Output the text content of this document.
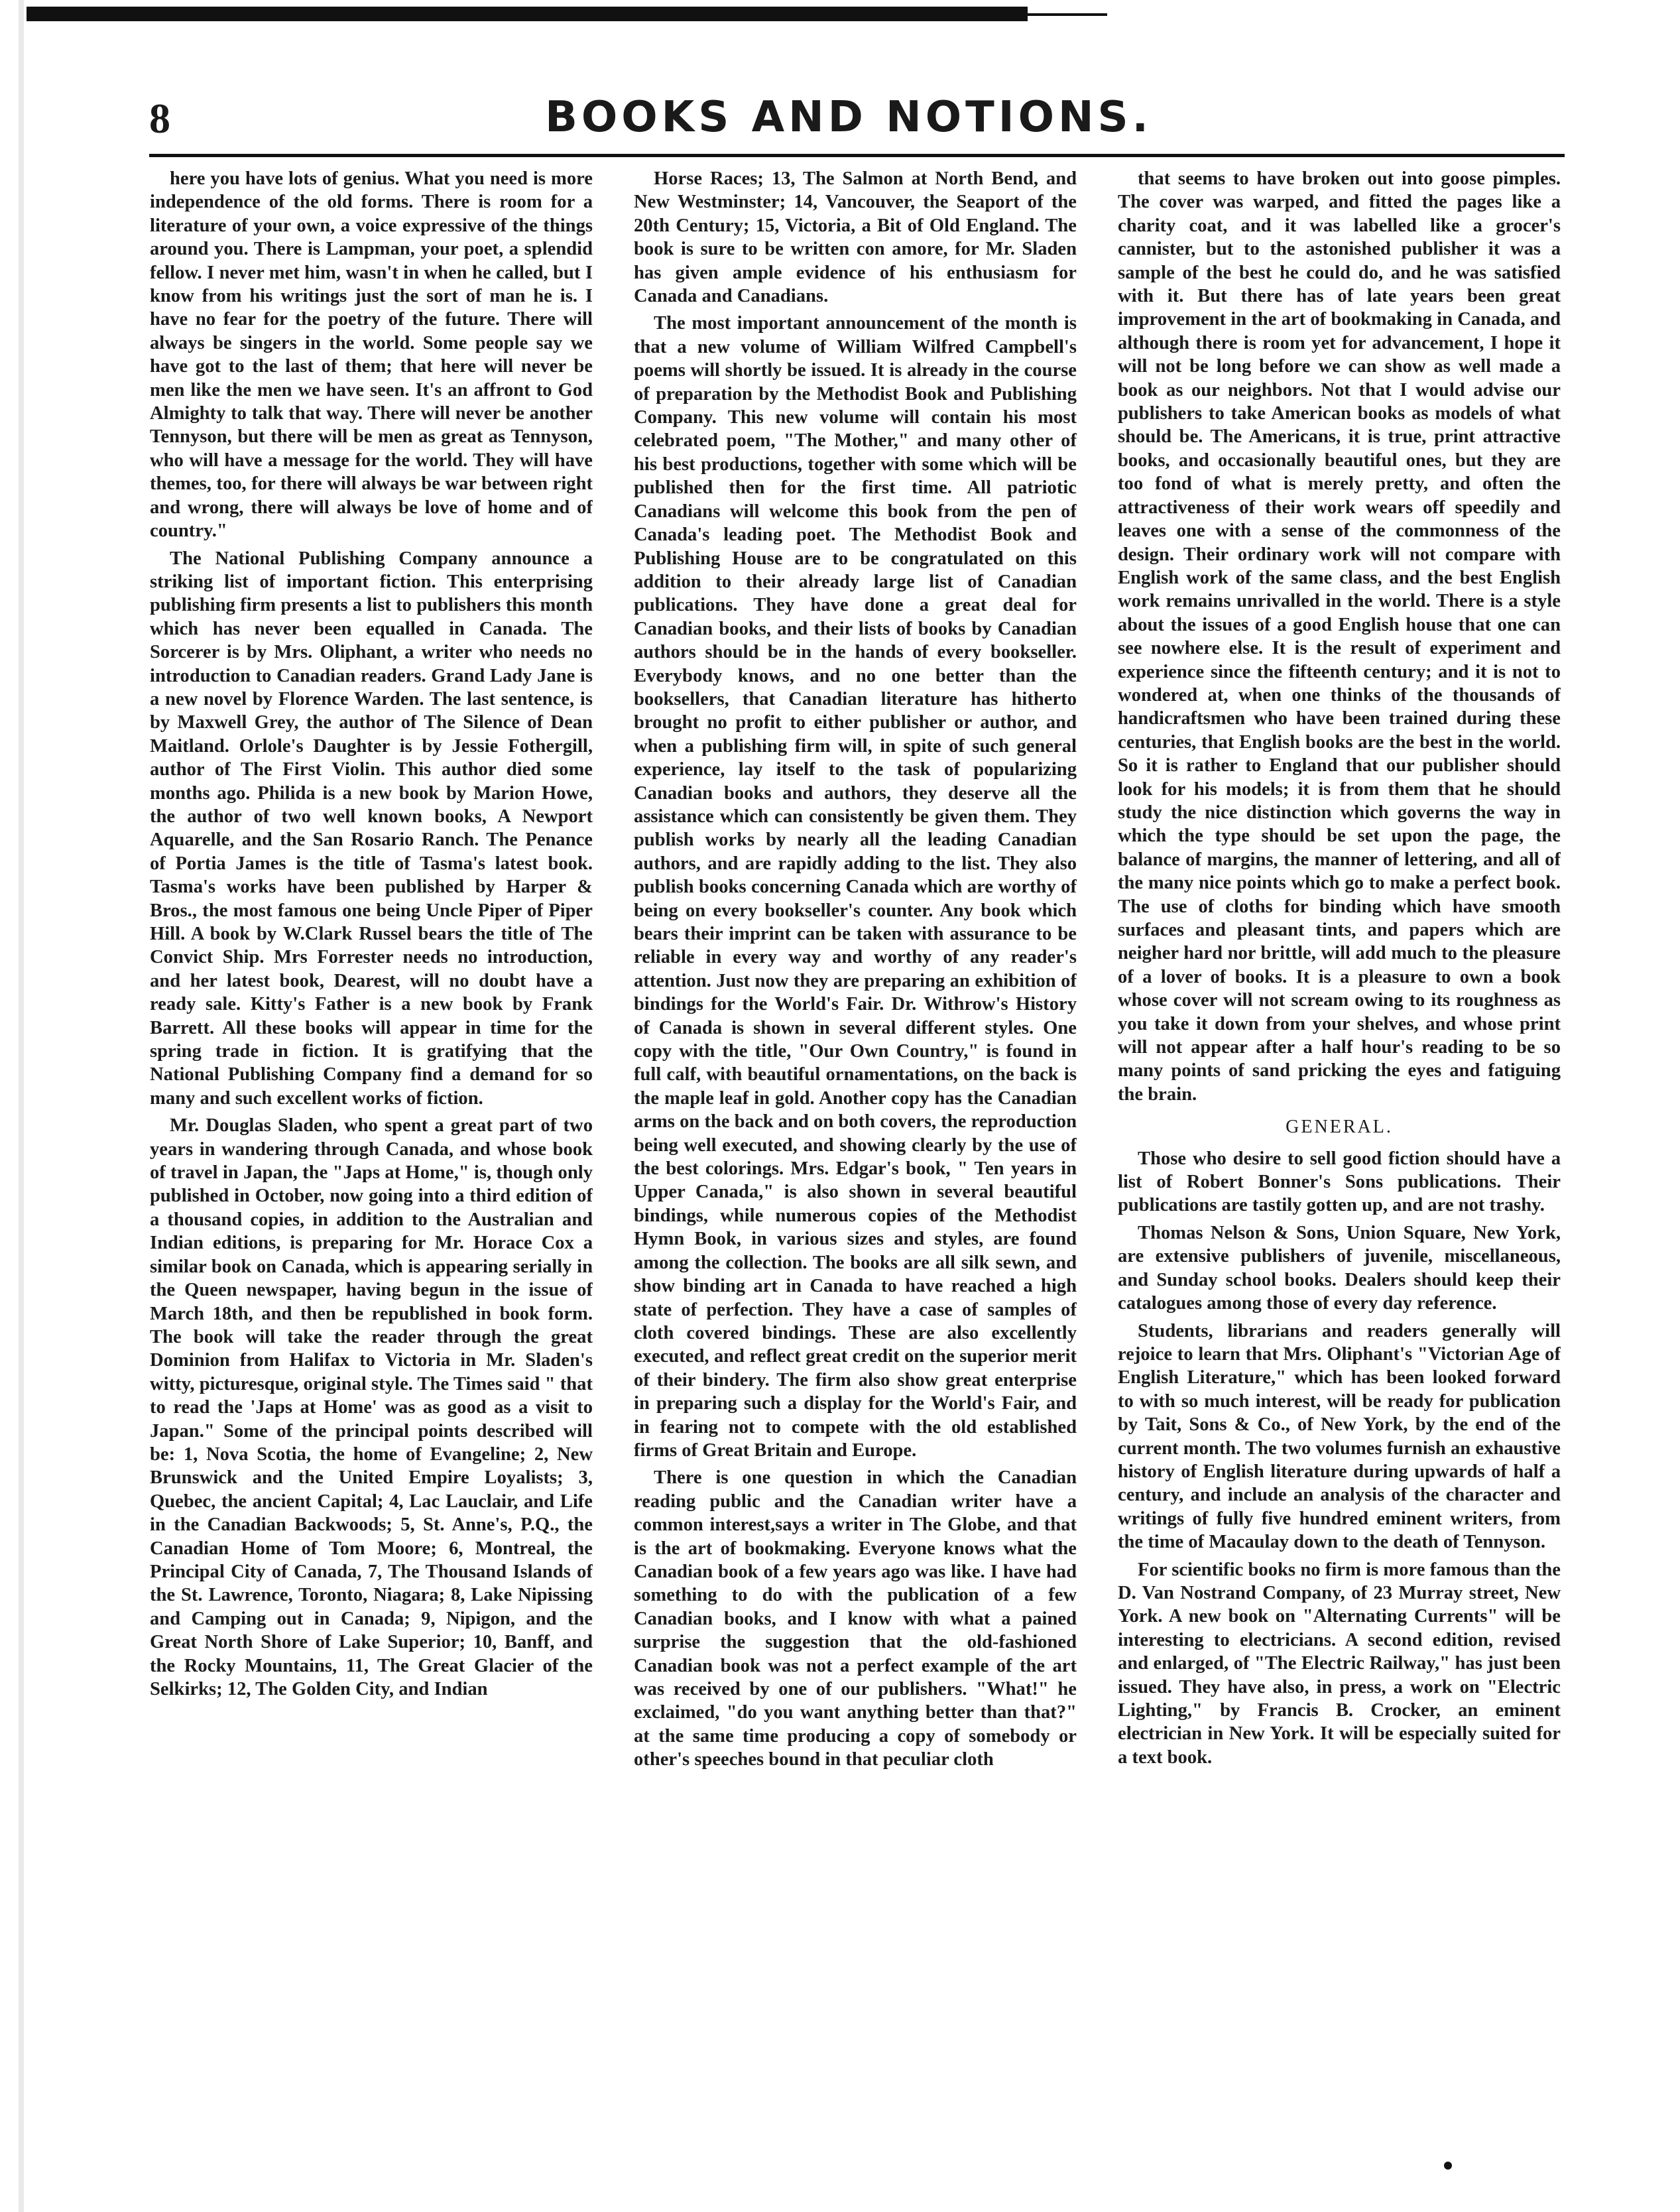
8	BOOKS AND NOTIONS.

here you have lots of genius. What you need is more independence of the old forms. There is room for a literature of your own, a voice expressive of the things around you. There is Lampman, your poet, a splendid fellow. I never met him, wasn't in when he called, but I know from his writings just the sort of man he is. I have no fear for the poetry of the future. There will always be singers in the world. Some people say we have got to the last of them; that here will never be men like the men we have seen. It's an affront to God Almighty to talk that way. There will never be another Tennyson, but there will be men as great as Tennyson, who will have a message for the world. They will have themes, too, for there will always be war between right and wrong, there will always be love of home and of country."

The National Publishing Company announce a striking list of important fiction. This enterprising publishing firm presents a list to publishers this month which has never been equalled in Canada. The Sorcerer is by Mrs. Oliphant, a writer who needs no introduction to Canadian readers. Grand Lady Jane is a new novel by Florence Warden. The last sentence, is by Maxwell Grey, the author of The Silence of Dean Maitland. Orlole's Daughter is by Jessie Fothergill, author of The First Violin. This author died some months ago. Philida is a new book by Marion Howe, the author of two well known books, A Newport Aquarelle, and the San Rosario Ranch. The Penance of Portia James is the title of Tasma's latest book. Tasma's works have been published by Harper & Bros., the most famous one being Uncle Piper of Piper Hill. A book by W.Clark Russel bears the title of The Convict Ship. Mrs Forrester needs no introduction, and her latest book, Dearest, will no doubt have a ready sale. Kitty's Father is a new book by Frank Barrett. All these books will appear in time for the spring trade in fiction. It is gratifying that the National Publishing Company find a demand for so many and such excellent works of fiction.

Mr. Douglas Sladen, who spent a great part of two years in wandering through Canada, and whose book of travel in Japan, the "Japs at Home," is, though only published in October, now going into a third edition of a thousand copies, in addition to the Australian and Indian editions, is preparing for Mr. Horace Cox a similar book on Canada, which is appearing serially in the Queen newspaper, having begun in the issue of March 18th, and then be republished in book form. The book will take the reader through the great Dominion from Halifax to Victoria in Mr. Sladen's witty, picturesque, original style. The Times said " that to read the 'Japs at Home' was as good as a visit to Japan." Some of the principal points described will be: 1, Nova Scotia, the home of Evangeline; 2, New Brunswick and the United Empire Loyalists; 3, Quebec, the ancient Capital; 4, Lac Lauclair, and Life in the Canadian Backwoods; 5, St. Anne's, P.Q., the Canadian Home of Tom Moore; 6, Montreal, the Principal City of Canada, 7, The Thousand Islands of the St. Lawrence, Toronto, Niagara; 8, Lake Nipissing and Camping out in Canada; 9, Nipigon, and the Great North Shore of Lake Superior; 10, Banff, and the Rocky Mountains, 11, The Great Glacier of the Selkirks; 12, The Golden City, and Indian

Horse Races; 13, The Salmon at North Bend, and New Westminster; 14, Vancouver, the Seaport of the 20th Century; 15, Victoria, a Bit of Old England. The book is sure to be written con amore, for Mr. Sladen has given ample evidence of his enthusiasm for Canada and Canadians.

The most important announcement of the month is that a new volume of William Wilfred Campbell's poems will shortly be issued. It is already in the course of preparation by the Methodist Book and Publishing Company. This new volume will contain his most celebrated poem, "The Mother," and many other of his best productions, together with some which will be published then for the first time. All patriotic Canadians will welcome this book from the pen of Canada's leading poet. The Methodist Book and Publishing House are to be congratulated on this addition to their already large list of Canadian publications. They have done a great deal for Canadian books, and their lists of books by Canadian authors should be in the hands of every bookseller. Everybody knows, and no one better than the booksellers, that Canadian literature has hitherto brought no profit to either publisher or author, and when a publishing firm will, in spite of such general experience, lay itself to the task of popularizing Canadian books and authors, they deserve all the assistance which can consistently be given them. They publish works by nearly all the leading Canadian authors, and are rapidly adding to the list. They also publish books concerning Canada which are worthy of being on every bookseller's counter. Any book which bears their imprint can be taken with assurance to be reliable in every way and worthy of any reader's attention. Just now they are preparing an exhibition of bindings for the World's Fair. Dr. Withrow's History of Canada is shown in several different styles. One copy with the title, "Our Own Country," is found in full calf, with beautiful ornamentations, on the back is the maple leaf in gold. Another copy has the Canadian arms on the back and on both covers, the reproduction being well executed, and showing clearly by the use of the best colorings. Mrs. Edgar's book, " Ten years in Upper Canada," is also shown in several beautiful bindings, while numerous copies of the Methodist Hymn Book, in various sizes and styles, are found among the collection. The books are all silk sewn, and show binding art in Canada to have reached a high state of perfection. They have a case of samples of cloth covered bindings. These are also excellently executed, and reflect great credit on the superior merit of their bindery. The firm also show great enterprise in preparing such a display for the World's Fair, and in fearing not to compete with the old established firms of Great Britain and Europe.

There is one question in which the Canadian reading public and the Canadian writer have a common interest,says a writer in The Globe, and that is the art of bookmaking. Everyone knows what the Canadian book of a few years ago was like. I have had something to do with the publication of a few Canadian books, and I know with what a pained surprise the suggestion that the old-fashioned Canadian book was not a perfect example of the art was received by one of our publishers. "What!" he exclaimed, "do you want anything better than that?" at the same time producing a copy of somebody or other's speeches bound in that peculiar cloth

that seems to have broken out into goose pimples. The cover was warped, and fitted the pages like a charity coat, and it was labelled like a grocer's cannister, but to the astonished publisher it was a sample of the best he could do, and he was satisfied with it. But there has of late years been great improvement in the art of bookmaking in Canada, and although there is room yet for advancement, I hope it will not be long before we can show as well made a book as our neighbors. Not that I would advise our publishers to take American books as models of what should be. The Americans, it is true, print attractive books, and occasionally beautiful ones, but they are too fond of what is merely pretty, and often the attractiveness of their work wears off speedily and leaves one with a sense of the commonness of the design. Their ordinary work will not compare with English work of the same class, and the best English work remains unrivalled in the world. There is a style about the issues of a good English house that one can see nowhere else. It is the result of experiment and experience since the fifteenth century; and it is not to wondered at, when one thinks of the thousands of handicraftsmen who have been trained during these centuries, that English books are the best in the world. So it is rather to England that our publisher should look for his models; it is from them that he should study the nice distinction which governs the way in which the type should be set upon the page, the balance of margins, the manner of lettering, and all of the many nice points which go to make a perfect book. The use of cloths for binding which have smooth surfaces and pleasant tints, and papers which are neigher hard nor brittle, will add much to the pleasure of a lover of books. It is a pleasure to own a book whose cover will not scream owing to its roughness as you take it down from your shelves, and whose print will not appear after a half hour's reading to be so many points of sand pricking the eyes and fatiguing the brain.

GENERAL.

Those who desire to sell good fiction should have a list of Robert Bonner's Sons publications. Their publications are tastily gotten up, and are not trashy.

Thomas Nelson & Sons, Union Square, New York, are extensive publishers of juvenile, miscellaneous, and Sunday school books. Dealers should keep their catalogues among those of every day reference.

Students, librarians and readers generally will rejoice to learn that Mrs. Oliphant's "Victorian Age of English Literature," which has been looked forward to with so much interest, will be ready for publication by Tait, Sons & Co., of New York, by the end of the current month. The two volumes furnish an exhaustive history of English literature during upwards of half a century, and include an analysis of the character and writings of fully five hundred eminent writers, from the time of Macaulay down to the death of Tennyson.

For scientific books no firm is more famous than the D. Van Nostrand Company, of 23 Murray street, New York. A new book on "Alternating Currents" will be interesting to electricians. A second edition, revised and enlarged, of "The Electric Railway," has just been issued. They have also, in press, a work on "Electric Lighting," by Francis B. Crocker, an eminent electrician in New York. It will be especially suited for a text book.
